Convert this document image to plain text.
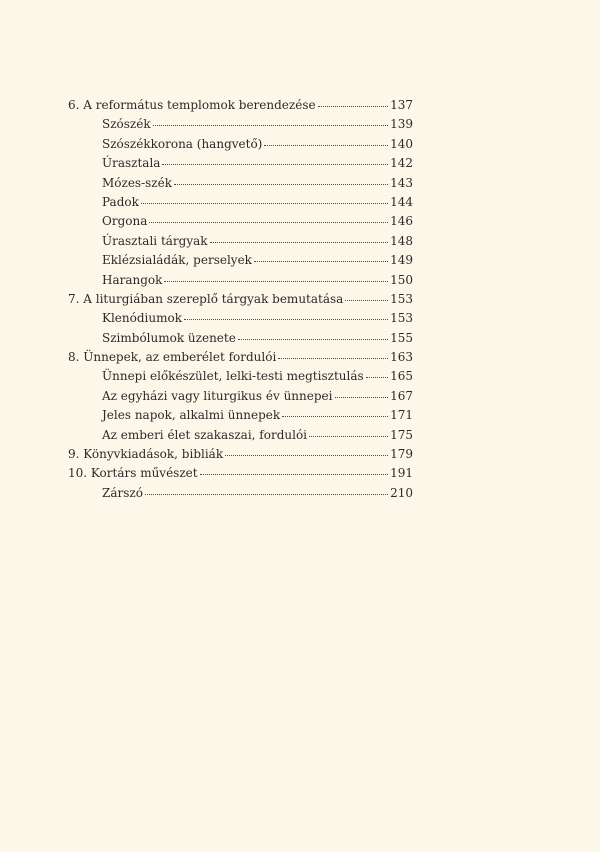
6. A református templomok berendezése	137
Szószék	139
Szószékkorona (hangvető)	140
Úrasztala	142
Mózes-szék	143
Padok	144
Orgona	146
Úrasztali tárgyak	148
Eklézsialádák, perselyek	149
Harangok	150
7. A liturgiában szereplő tárgyak bemutatása	153
Klenódiumok	153
Szimbólumok üzenete	155
8. Ünnepek, az emberélet fordulói	163
Ünnepi előkészület, lelki-testi megtisztulás 165
Az egyházi vagy liturgikus év ünnepei	167
Jeles napok, alkalmi ünnepek	171
Az emberi élet szakaszai, fordulói	175
9. Könyvkiadások, bibliák	179
10. Kortárs művészet	191
Zárszó	210
